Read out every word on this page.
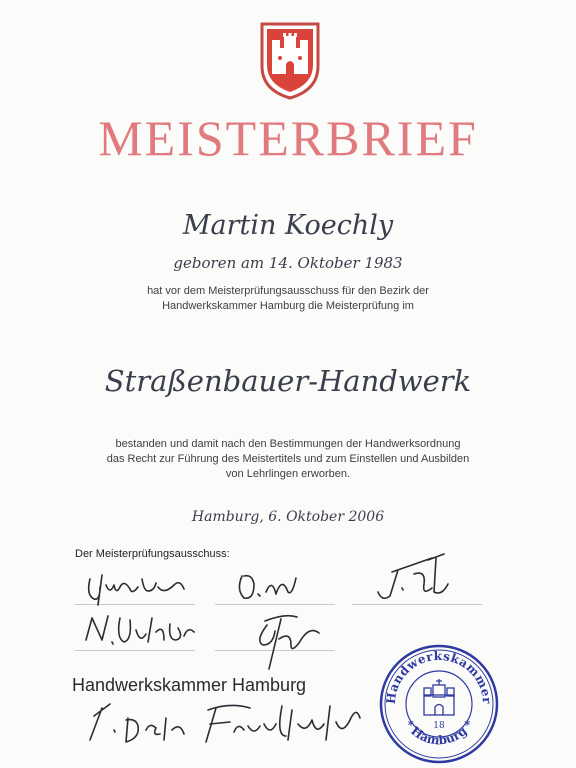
MEISTERBRIEF
Martin Koechly
geboren am 14. Oktober 1983
hat vor dem Meisterprüfungsausschuss für den Bezirk der
Handwerkskammer Hamburg die Meisterprüfung im
Straßenbauer-Handwerk
bestanden und damit nach den Bestimmungen der Handwerksordnung
das Recht zur Führung des Meistertitels und zum Einstellen und Ausbilden
von Lehrlingen erworben.
Hamburg, 6. Oktober 2006
Der Meisterprüfungsausschuss:
Handwerkskammer Hamburg
Handwerkskammer
* Hamburg *
18
